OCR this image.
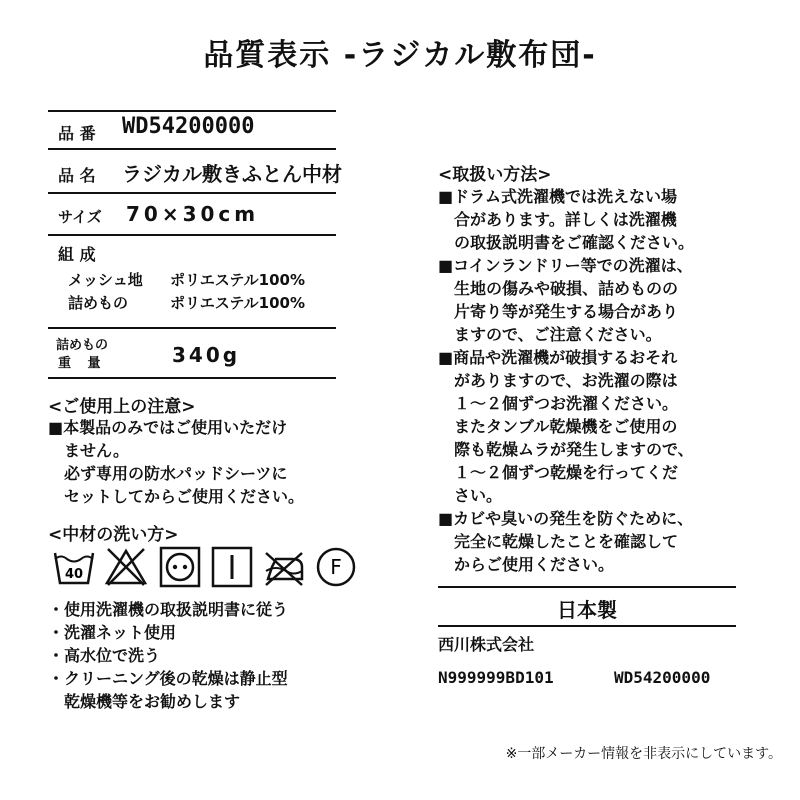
品質表示 -ラジカル敷布団-
品 番 WD54200000
品 名 ラジカル敷きふとん中材
サイズ 70×30cm
組 成
メッシュ地 ポリエステル100%
詰めもの	ポリエステル100%
詰めもの
重 量	340g
<ご使用上の注意>
■本製品のみではご使用いただけ
　ません。
　必ず専用の防水パッドシーツに
　セットしてからご使用ください。
<中材の洗い方>
40	F
・使用洗濯機の取扱説明書に従う
・洗濯ネット使用
・高水位で洗う
・クリーニング後の乾燥は静止型
　乾燥機等をお勧めします
<取扱い方法>
■ドラム式洗濯機では洗えない場
　合があります。詳しくは洗濯機
　の取扱説明書をご確認ください。
■コインランドリー等での洗濯は、
　生地の傷みや破損、詰めものの
　片寄り等が発生する場合があり
　ますので、ご注意ください。
■商品や洗濯機が破損するおそれ
　がありますので、お洗濯の際は
　１～２個ずつお洗濯ください。
　またタンブル乾燥機をご使用の
　際も乾燥ムラが発生しますので、
　１～２個ずつ乾燥を行ってくだ
　さい。
■カビや臭いの発生を防ぐために、
　完全に乾燥したことを確認して
　からご使用ください。
日本製
西川株式会社
N999999BD101	WD54200000
※一部メーカー情報を非表示にしています。
